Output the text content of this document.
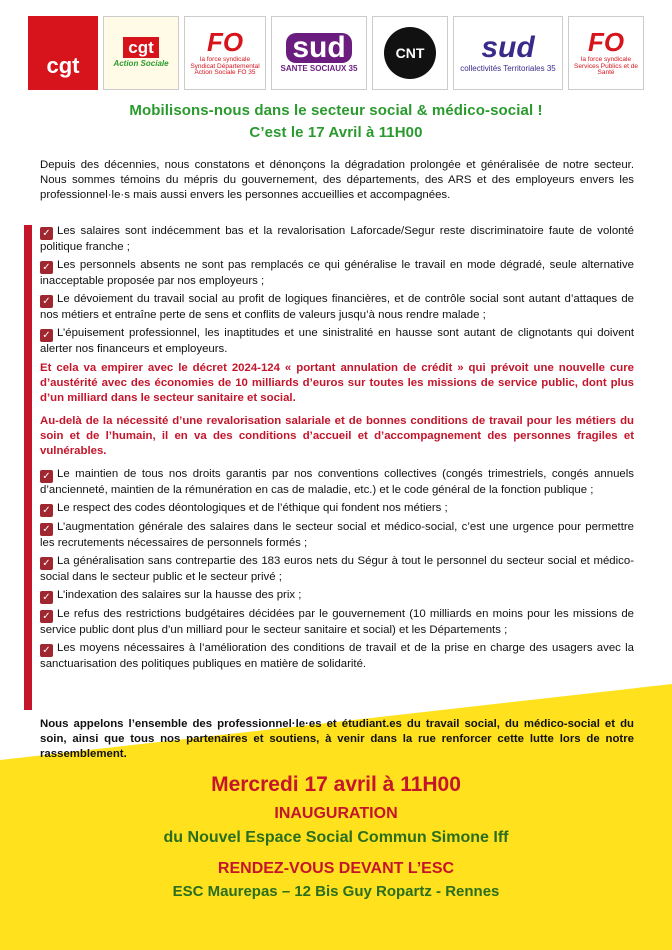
cgt
cgt
Action Sociale
FO
la force syndicale
Syndicat Départemental Action Sociale FO 35
sud
SANTE SOCIAUX 35
CNT	sud
collectivités Territoriales 35
FO
la force syndicale
Services Publics et de Santé
Mobilisons-nous dans le secteur social & médico-social !
C’est le 17 Avril à 11H00
Depuis des décennies, nous constatons et dénonçons la dégradation prolongée et généralisée de notre secteur. Nous sommes témoins du mépris du gouvernement, des départements, des ARS et des employeurs envers les professionnel·le·s mais aussi envers les personnes accueillies et accompagnées.
✓ Les salaires sont indécemment bas et la revalorisation Laforcade/Segur reste discriminatoire faute de volonté politique franche ;
✓ Les personnels absents ne sont pas remplacés ce qui généralise le travail en mode dégradé, seule alternative inacceptable proposée par nos employeurs ;
✓ Le dévoiement du travail social au profit de logiques financières, et de contrôle social sont autant d’attaques de nos métiers et entraîne perte de sens et conflits de valeurs jusqu’à nous rendre malade ;
✓ L’épuisement professionnel, les inaptitudes et une sinistralité en hausse sont autant de clignotants qui doivent alerter nos financeurs et employeurs.
Et cela va empirer avec le décret 2024-124 « portant annulation de crédit » qui prévoit une nouvelle cure d’austérité avec des économies de 10 milliards d’euros sur toutes les missions de service public, dont plus d’un milliard dans le secteur sanitaire et social.
Au-delà de la nécessité d’une revalorisation salariale et de bonnes conditions de travail pour les métiers du soin et de l’humain, il en va des conditions d’accueil et d’accompagnement des personnes fragiles et vulnérables.
✓ Le maintien de tous nos droits garantis par nos conventions collectives (congés trimestriels, congés annuels d’ancienneté, maintien de la rémunération en cas de maladie, etc.) et le code général de la fonction publique ;
✓ Le respect des codes déontologiques et de l’éthique qui fondent nos métiers ;
✓ L’augmentation générale des salaires dans le secteur social et médico-social, c’est une urgence pour permettre les recrutements nécessaires de personnels formés ;
✓ La généralisation sans contrepartie des 183 euros nets du Ségur à tout le personnel du secteur social et médico-social dans le secteur public et le secteur privé ;
✓ L’indexation des salaires sur la hausse des prix ;
✓ Le refus des restrictions budgétaires décidées par le gouvernement (10 milliards en moins pour les missions de service public dont plus d’un milliard pour le secteur sanitaire et social) et les Départements ;
✓ Les moyens nécessaires à l’amélioration des conditions de travail et de la prise en charge des usagers avec la sanctuarisation des politiques publiques en matière de solidarité.
Nous appelons l’ensemble des professionnel·le·es et étudiant.es du travail social, du médico-social et du soin, ainsi que tous nos partenaires et soutiens, à venir dans la rue renforcer cette lutte lors de notre rassemblement.
Mercredi 17 avril à 11H00
INAUGURATION
du Nouvel Espace Social Commun Simone Iff
RENDEZ-VOUS DEVANT L’ESC
ESC Maurepas – 12 Bis Guy Ropartz - Rennes
